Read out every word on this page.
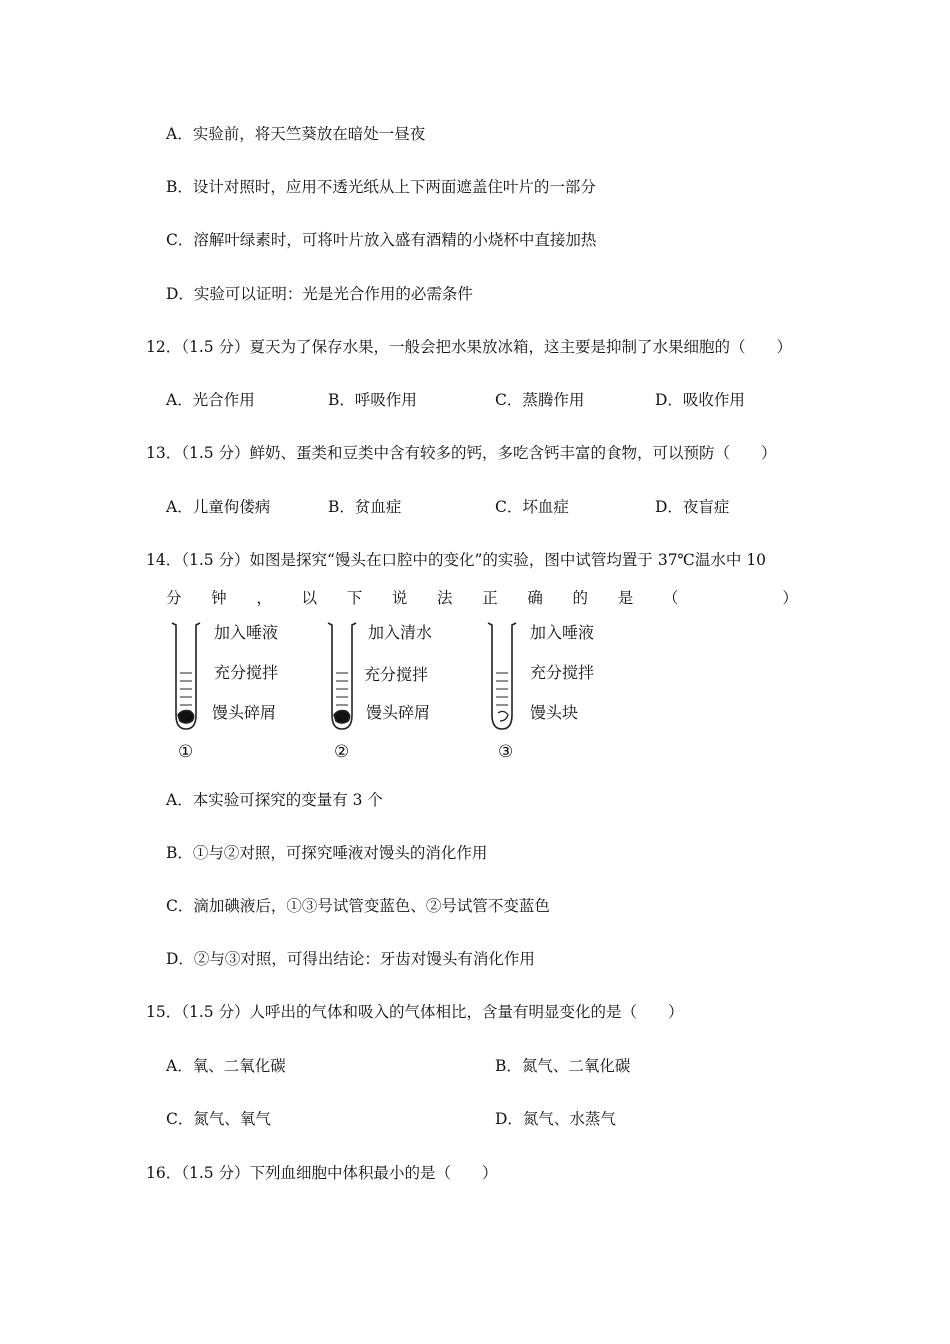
A．实验前，将天竺葵放在暗处一昼夜
B．设计对照时，应用不透光纸从上下两面遮盖住叶片的一部分
C．溶解叶绿素时，可将叶片放入盛有酒精的小烧杯中直接加热
D．实验可以证明：光是光合作用的必需条件
12．（1.5 分）夏天为了保存水果，一般会把水果放冰箱，这主要是抑制了水果细胞的（　　）
A．光合作用	B．呼吸作用	C．蒸腾作用	D．吸收作用
13．（1.5 分）鲜奶、蛋类和豆类中含有较多的钙，多吃含钙丰富的食物，可以预防（　　）
A．儿童佝偻病	B．贫血症	C．坏血症	D．夜盲症
14．（1.5 分）如图是探究“馒头在口腔中的变化”的实验，图中试管均置于 37℃温水中 10
分 钟 ， 以 下 说 法 正 确 的 是 （	）
加入唾液
充分搅拌
馒头碎屑
①
加入清水
充分搅拌
馒头碎屑
②
加入唾液
充分搅拌
馒头块
③
A．本实验可探究的变量有 3 个
B．①与②对照，可探究唾液对馒头的消化作用
C．滴加碘液后，①③号试管变蓝色、②号试管不变蓝色
D．②与③对照，可得出结论：牙齿对馒头有消化作用
15．（1.5 分）人呼出的气体和吸入的气体相比，含量有明显变化的是（　　）
A．氧、二氧化碳	B．氮气、二氧化碳
C．氮气、氧气	D．氮气、水蒸气
16．（1.5 分）下列血细胞中体积最小的是（　　）
